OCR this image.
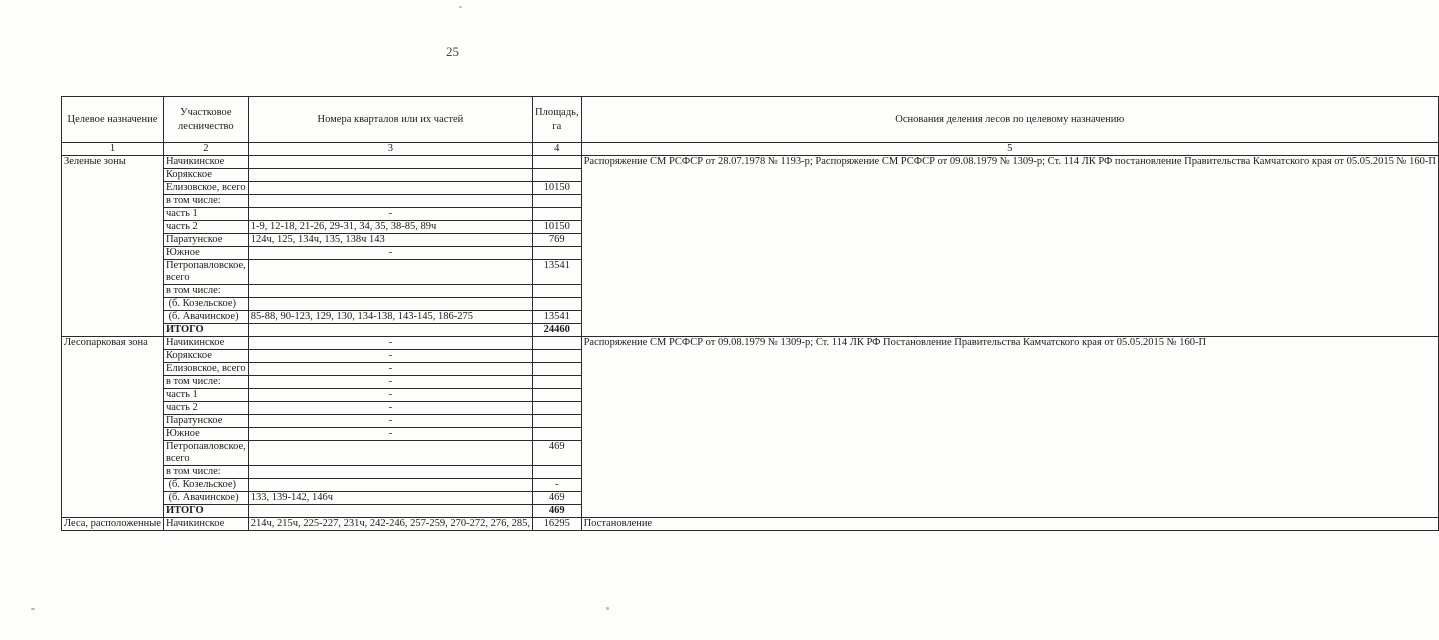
25
Целевое назначение	Участковое лесничество	Номера кварталов или их частей	Площадь, га	Основания деления лесов по целевому назначению
1	2	3	4	5
Зеленые зоны	Начикинское			Распоряжение СМ РСФСР от 28.07.1978 № 1193-р; Распоряжение СМ РСФСР от 09.08.1979 № 1309-р; Ст. 114 ЛК РФ постановление Правительства Камчатского края от 05.05.2015 № 160-П
	Корякское			
	Елизовское, всего		10150	
	в том числе:			
	часть 1	-		
	часть 2	1-9, 12-18, 21-26, 29-31, 34, 35, 38-85, 89ч	10150	
	Паратунское	124ч, 125, 134ч, 135, 138ч 143	769	
	Южное	-		
	Петропавловское, всего		13541	
	в том числе:			
	(б. Козельское)			
	(б. Авачинское)	85-88, 90-123, 129, 130, 134-138, 143-145, 186-275	13541	
	ИТОГО		24460	
Лесопарковая зона	Начикинское	-		Распоряжение СМ РСФСР от 09.08.1979 № 1309-р; Ст. 114 ЛК РФ Постановление Правительства Камчатского края от 05.05.2015 № 160-П
	Корякское	-		
	Елизовское, всего	-		
	в том числе:	-		
	часть 1	-		
	часть 2	-		
	Паратунское	-		
	Южное	-		
	Петропавловское, всего		469	
	в том числе:			
	(б. Козельское)		-	
	(б. Авачинское)	133, 139-142, 146ч	469	
	ИТОГО		469	
Леса, расположенные	Начикинское	214ч, 215ч, 225-227, 231ч, 242-246, 257-259, 270-272, 276, 285,	16295	Постановление
